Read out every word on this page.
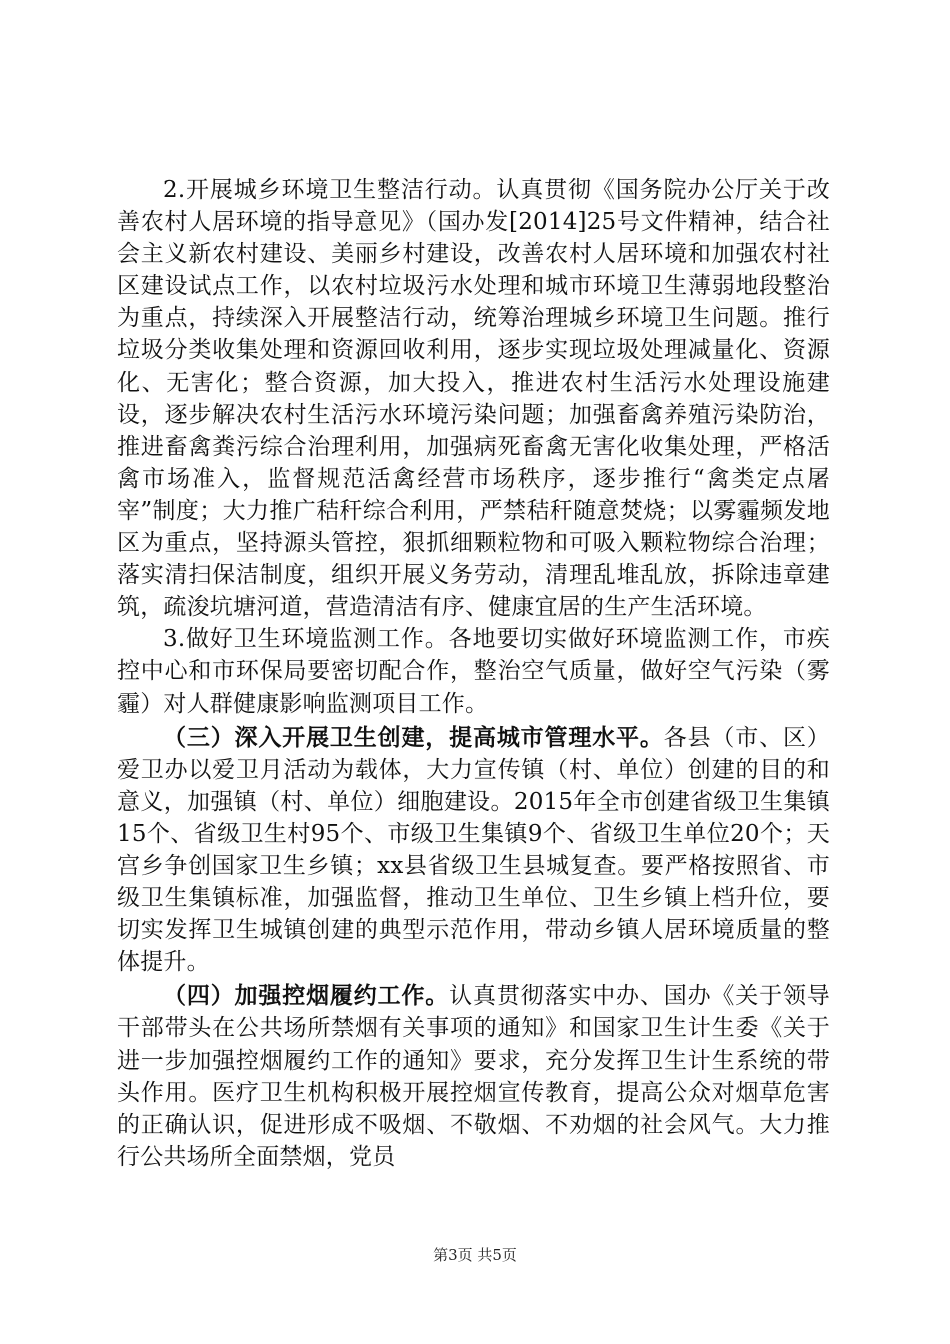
2.开展城乡环境卫生整洁行动。认真贯彻《国务院办公厅关于改善农村人居环境的指导意见》（国办发[2014]25号文件精神，结合社会主义新农村建设、美丽乡村建设，改善农村人居环境和加强农村社区建设试点工作，以农村垃圾污水处理和城市环境卫生薄弱地段整治为重点，持续深入开展整洁行动，统筹治理城乡环境卫生问题。推行垃圾分类收集处理和资源回收利用，逐步实现垃圾处理减量化、资源化、无害化；整合资源，加大投入，推进农村生活污水处理设施建设，逐步解决农村生活污水环境污染问题；加强畜禽养殖污染防治，推进畜禽粪污综合治理利用，加强病死畜禽无害化收集处理，严格活禽市场准入，监督规范活禽经营市场秩序，逐步推行“禽类定点屠宰”制度；大力推广秸秆综合利用，严禁秸秆随意焚烧；以雾霾频发地区为重点，坚持源头管控，狠抓细颗粒物和可吸入颗粒物综合治理；落实清扫保洁制度，组织开展义务劳动，清理乱堆乱放，拆除违章建筑，疏浚坑塘河道，营造清洁有序、健康宜居的生产生活环境。

3.做好卫生环境监测工作。各地要切实做好环境监测工作，市疾控中心和市环保局要密切配合作，整治空气质量，做好空气污染（雾霾）对人群健康影响监测项目工作。

（三）深入开展卫生创建，提高城市管理水平。各县（市、区）爱卫办以爱卫月活动为载体，大力宣传镇（村、单位）创建的目的和意义，加强镇（村、单位）细胞建设。2015年全市创建省级卫生集镇15个、省级卫生村95个、市级卫生集镇9个、省级卫生单位20个；天宫乡争创国家卫生乡镇；xx县省级卫生县城复查。要严格按照省、市级卫生集镇标准，加强监督，推动卫生单位、卫生乡镇上档升位，要切实发挥卫生城镇创建的典型示范作用，带动乡镇人居环境质量的整体提升。

（四）加强控烟履约工作。认真贯彻落实中办、国办《关于领导干部带头在公共场所禁烟有关事项的通知》和国家卫生计生委《关于进一步加强控烟履约工作的通知》要求，充分发挥卫生计生系统的带头作用。医疗卫生机构积极开展控烟宣传教育，提高公众对烟草危害的正确认识，促进形成不吸烟、不敬烟、不劝烟的社会风气。大力推行公共场所全面禁烟，党员

第3页 共5页
